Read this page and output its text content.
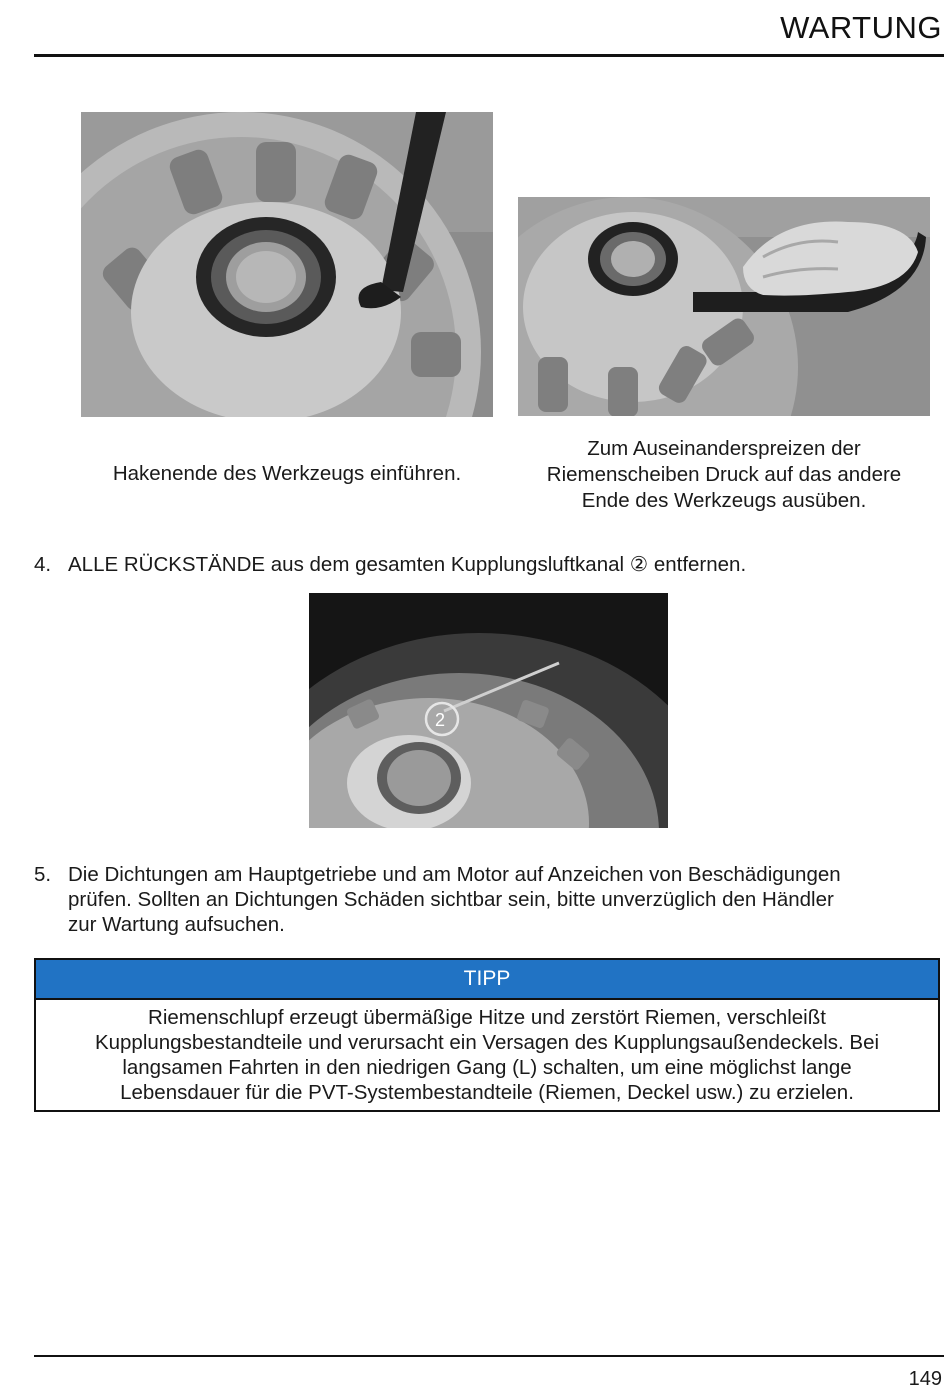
WARTUNG
Hakenende des Werkzeugs einführen.
Zum Auseinanderspreizen der
Riemenscheiben Druck auf das andere
Ende des Werkzeugs ausüben.
4. ALLE RÜCKSTÄNDE aus dem gesamten Kupplungsluftkanal ② entfernen.
2
5. Die Dichtungen am Hauptgetriebe und am Motor auf Anzeichen von Beschädigungen
prüfen. Sollten an Dichtungen Schäden sichtbar sein, bitte unverzüglich den Händler
zur Wartung aufsuchen.
TIPP
Riemenschlupf erzeugt übermäßige Hitze und zerstört Riemen, verschleißt
Kupplungsbestandteile und verursacht ein Versagen des Kupplungsaußendeckels. Bei
langsamen Fahrten in den niedrigen Gang (L) schalten, um eine möglichst lange
Lebensdauer für die PVT-Systembestandteile (Riemen, Deckel usw.) zu erzielen.
149
